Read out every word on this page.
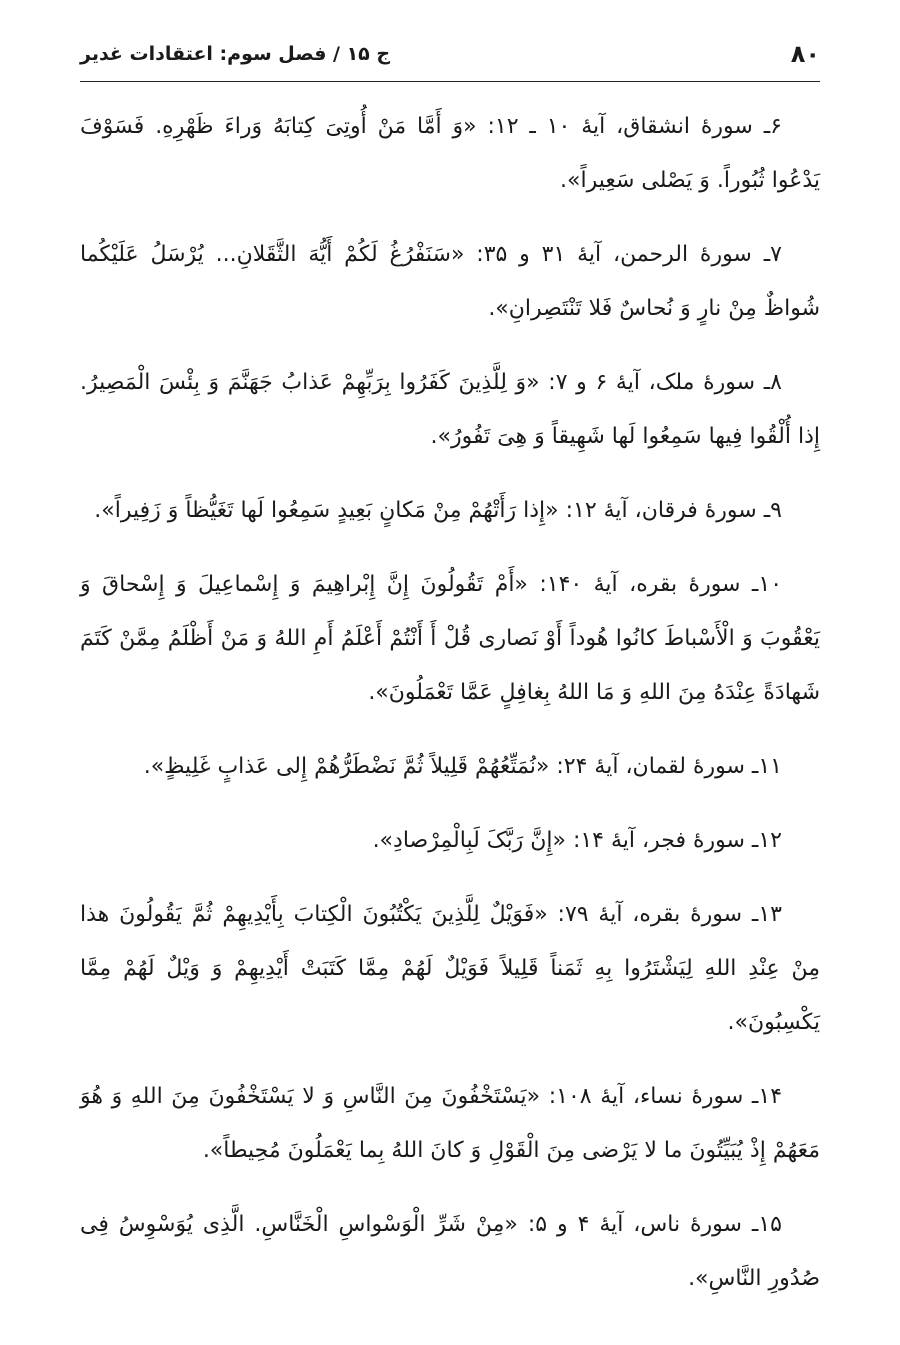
۸۰
ج ۱۵ / فصل سوم: اعتقادات غدیر

۶ـ سورهٔ انشقاق، آیهٔ ۱۰ ـ ۱۲: «وَ أَمَّا مَنْ أُوتِیَ کِتابَهُ وَراءَ ظَهْرِهِ. فَسَوْفَ یَدْعُوا ثُبُوراً. وَ یَصْلی سَعِیراً».

۷ـ سورهٔ الرحمن، آیهٔ ۳۱ و ۳۵: «سَنَفْرُغُ لَکُمْ أَیُّهَ الثَّقَلانِ... یُرْسَلُ عَلَیْکُما شُواظٌ مِنْ نارٍ وَ نُحاسٌ فَلا تَنْتَصِرانِ».

۸ـ سورهٔ ملک، آیهٔ ۶ و ۷: «وَ لِلَّذِینَ کَفَرُوا بِرَبِّهِمْ عَذابُ جَهَنَّمَ وَ بِئْسَ الْمَصِیرُ. إِذا أُلْقُوا فِیها سَمِعُوا لَها شَهِیقاً وَ هِیَ تَفُورُ».

۹ـ سورهٔ فرقان، آیهٔ ۱۲: «إِذا رَأَتْهُمْ مِنْ مَکانٍ بَعِیدٍ سَمِعُوا لَها تَغَیُّظاً وَ زَفِیراً».

۱۰ـ سورهٔ بقره، آیهٔ ۱۴۰: «أَمْ تَقُولُونَ إِنَّ إِبْراهِیمَ وَ إِسْماعِیلَ وَ إِسْحاقَ وَ یَعْقُوبَ وَ الْأَسْباطَ کانُوا هُوداً أَوْ نَصاری قُلْ أَ أَنْتُمْ أَعْلَمُ أَمِ اللهُ وَ مَنْ أَظْلَمُ مِمَّنْ کَتَمَ شَهادَةً عِنْدَهُ مِنَ اللهِ وَ مَا اللهُ بِغافِلٍ عَمَّا تَعْمَلُونَ».

۱۱ـ سورهٔ لقمان، آیهٔ ۲۴: «نُمَتِّعُهُمْ قَلِیلاً ثُمَّ نَضْطَرُّهُمْ إِلی عَذابٍ غَلِیظٍ».

۱۲ـ سورهٔ فجر، آیهٔ ۱۴: «إِنَّ رَبَّکَ لَبِالْمِرْصادِ».

۱۳ـ سورهٔ بقره، آیهٔ ۷۹: «فَوَیْلٌ لِلَّذِینَ یَکْتُبُونَ الْکِتابَ بِأَیْدِیهِمْ ثُمَّ یَقُولُونَ هذا مِنْ عِنْدِ اللهِ لِیَشْتَرُوا بِهِ ثَمَناً قَلِیلاً فَوَیْلٌ لَهُمْ مِمَّا کَتَبَتْ أَیْدِیهِمْ وَ وَیْلٌ لَهُمْ مِمَّا یَکْسِبُونَ».

۱۴ـ سورهٔ نساء، آیهٔ ۱۰۸: «یَسْتَخْفُونَ مِنَ النَّاسِ وَ لا یَسْتَخْفُونَ مِنَ اللهِ وَ هُوَ مَعَهُمْ إِذْ یُبَیِّتُونَ ما لا یَرْضی مِنَ الْقَوْلِ وَ کانَ اللهُ بِما یَعْمَلُونَ مُحِیطاً».

۱۵ـ سورهٔ ناس، آیهٔ ۴ و ۵: «مِنْ شَرِّ الْوَسْواسِ الْخَنَّاسِ. الَّذِی یُوَسْوِسُ فِی صُدُورِ النَّاسِ».
